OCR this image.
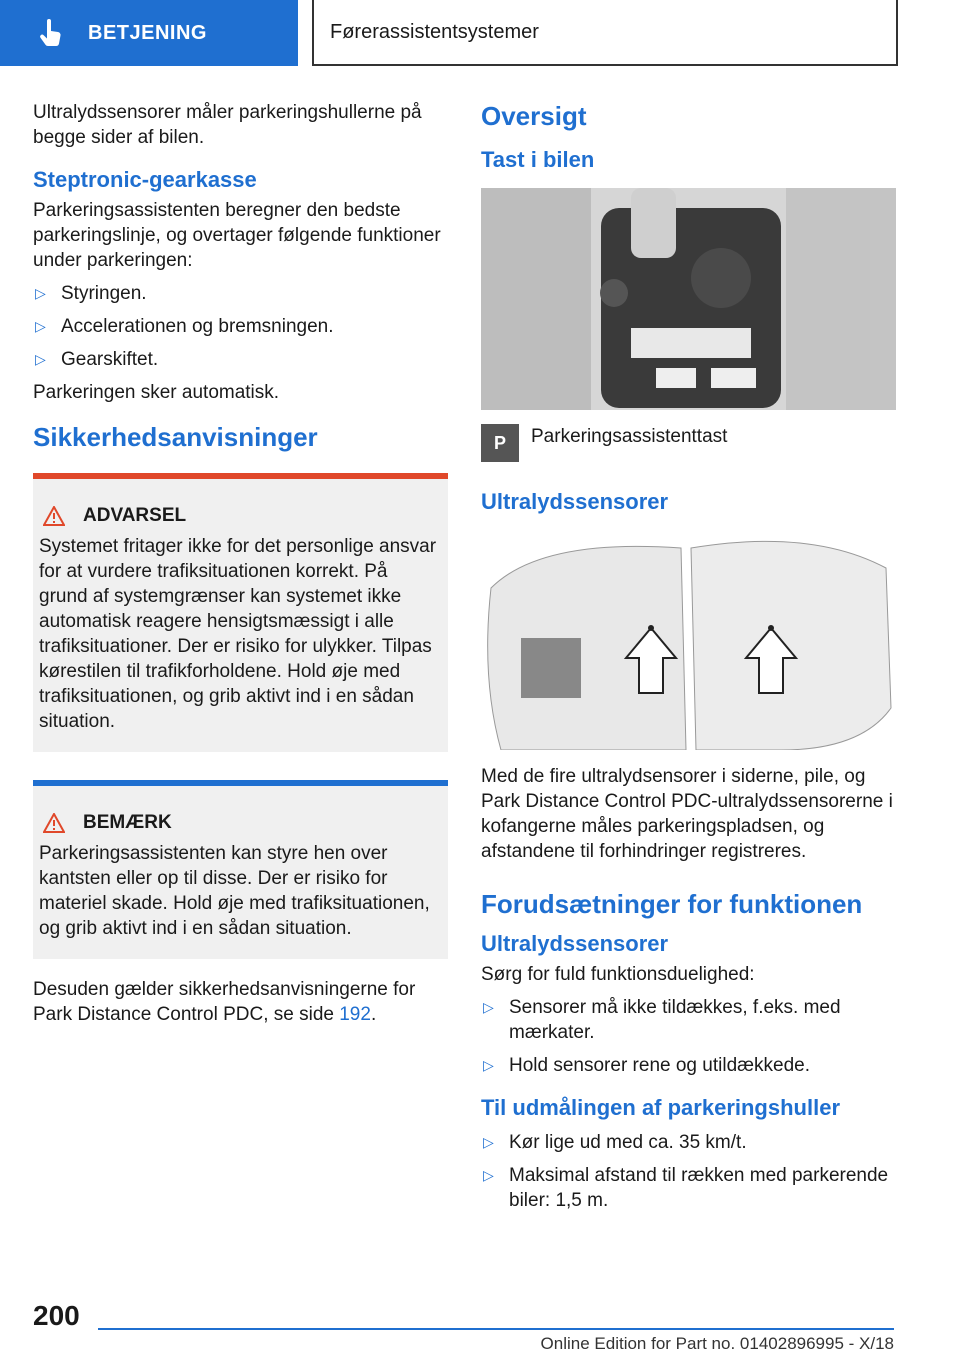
BETJENING	Førerassistentsystemer

Ultralydssensorer måler parkeringshullerne på begge sider af bilen.

Steptronic-gearkasse

Parkeringsassistenten beregner den bedste parkeringslinje, og overtager følgende funktioner under parkeringen:

▷ Styringen.
▷ Accelerationen og bremsningen.
▷ Gearskiftet.

Parkeringen sker automatisk.

Sikkerhedsanvisninger
ADVARSEL

Systemet fritager ikke for det personlige ansvar for at vurdere trafiksituationen korrekt. På grund af systemgrænser kan systemet ikke automatisk reagere hensigtsmæssigt i alle trafiksituationer. Der er risiko for ulykker. Tilpas kørestilen til trafikforholdene. Hold øje med trafiksituationen, og grib aktivt ind i en sådan situation.

BEMÆRK

Parkeringsassistenten kan styre hen over kantsten eller op til disse. Der er risiko for materiel skade. Hold øje med trafiksituationen, og grib aktivt ind i en sådan situation.

Desuden gælder sikkerhedsanvisningerne for Park Distance Control PDC, se side 192.

Oversigt
Tast i bilen
P	Parkeringsassistenttast
Ultralydssensorer

Med de fire ultralydsensorer i siderne, pile, og Park Distance Control PDC-ultralydssensorerne i kofangerne måles parkeringspladsen, og afstandene til forhindringer registreres.

Forudsætninger for funktionen
Ultralydssensorer

Sørg for fuld funktionsduelighed:

▷ Sensorer må ikke tildækkes, f.eks. med mærkater.
▷ Hold sensorer rene og utildækkede.
Til udmålingen af parkeringshuller
▷ Kør lige ud med ca. 35 km/t.
▷ Maksimal afstand til rækken med parkerende biler: 1,5 m.
200
Online Edition for Part no. 01402896995 - X/18
